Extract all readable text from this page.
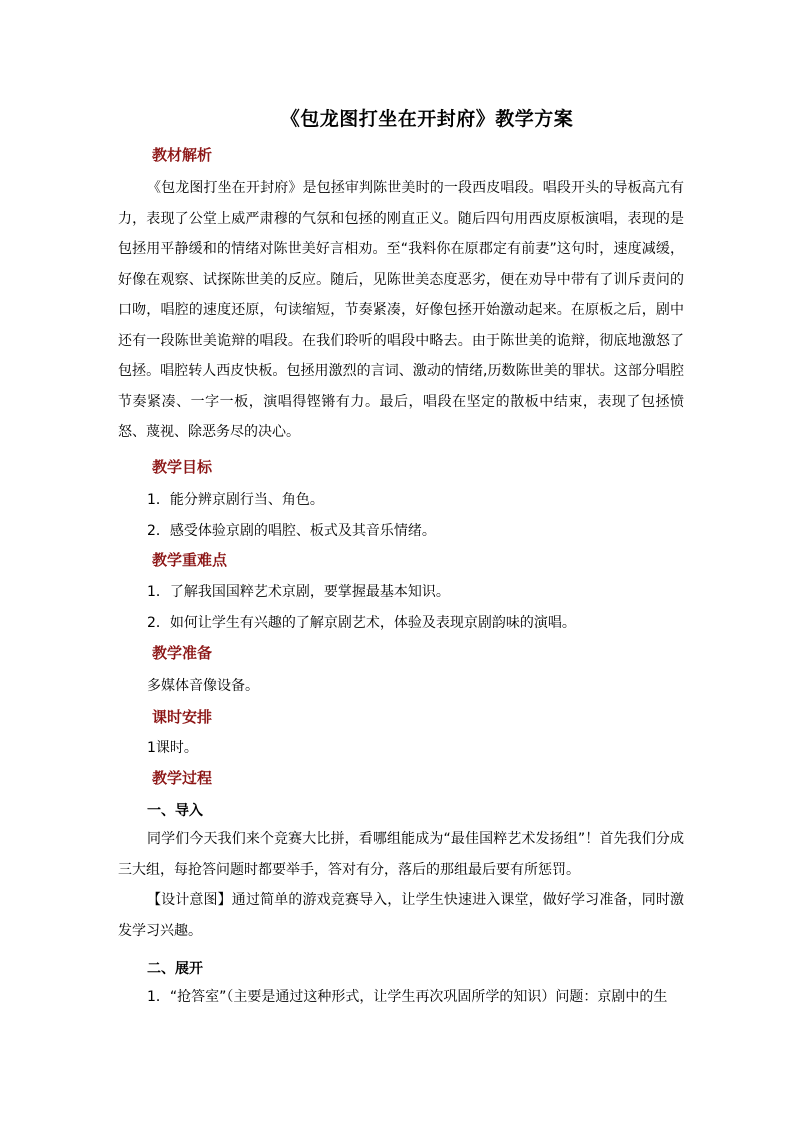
《包龙图打坐在开封府》教学方案
教材解析
《包龙图打坐在开封府》是包拯审判陈世美时的一段西皮唱段。唱段开头的导板高亢有力，表现了公堂上威严肃穆的气氛和包拯的刚直正义。随后四句用西皮原板演唱，表现的是包拯用平静缓和的情绪对陈世美好言相劝。至“我料你在原郡定有前妻”这句时，速度减缓，好像在观察、试探陈世美的反应。随后，见陈世美态度恶劣，便在劝导中带有了训斥责问的口吻，唱腔的速度还原，句读缩短，节奏紧凑，好像包拯开始激动起来。在原板之后，剧中还有一段陈世美诡辩的唱段。在我们聆听的唱段中略去。由于陈世美的诡辩，彻底地激怒了包拯。唱腔转人西皮快板。包拯用激烈的言词、激动的情绪,历数陈世美的罪状。这部分唱腔节奏紧凑、一字一板，演唱得铿锵有力。最后，唱段在坚定的散板中结束，表现了包拯愤怒、蔑视、除恶务尽的决心。
教学目标
1．能分辨京剧行当、角色。
2．感受体验京剧的唱腔、板式及其音乐情绪。
教学重难点
1．了解我国国粹艺术京剧，要掌握最基本知识。
2．如何让学生有兴趣的了解京剧艺术，体验及表现京剧韵味的演唱。
教学准备
多媒体音像设备。
课时安排
1课时。
教学过程
一、导入
同学们今天我们来个竞赛大比拼，看哪组能成为“最佳国粹艺术发扬组”！首先我们分成三大组，每抢答问题时都要举手，答对有分，落后的那组最后要有所惩罚。
【设计意图】通过简单的游戏竞赛导入，让学生快速进入课堂，做好学习准备，同时激发学习兴趣。
二、展开
1．“抢答室”（主要是通过这种形式，让学生再次巩固所学的知识）问题：京剧中的生
